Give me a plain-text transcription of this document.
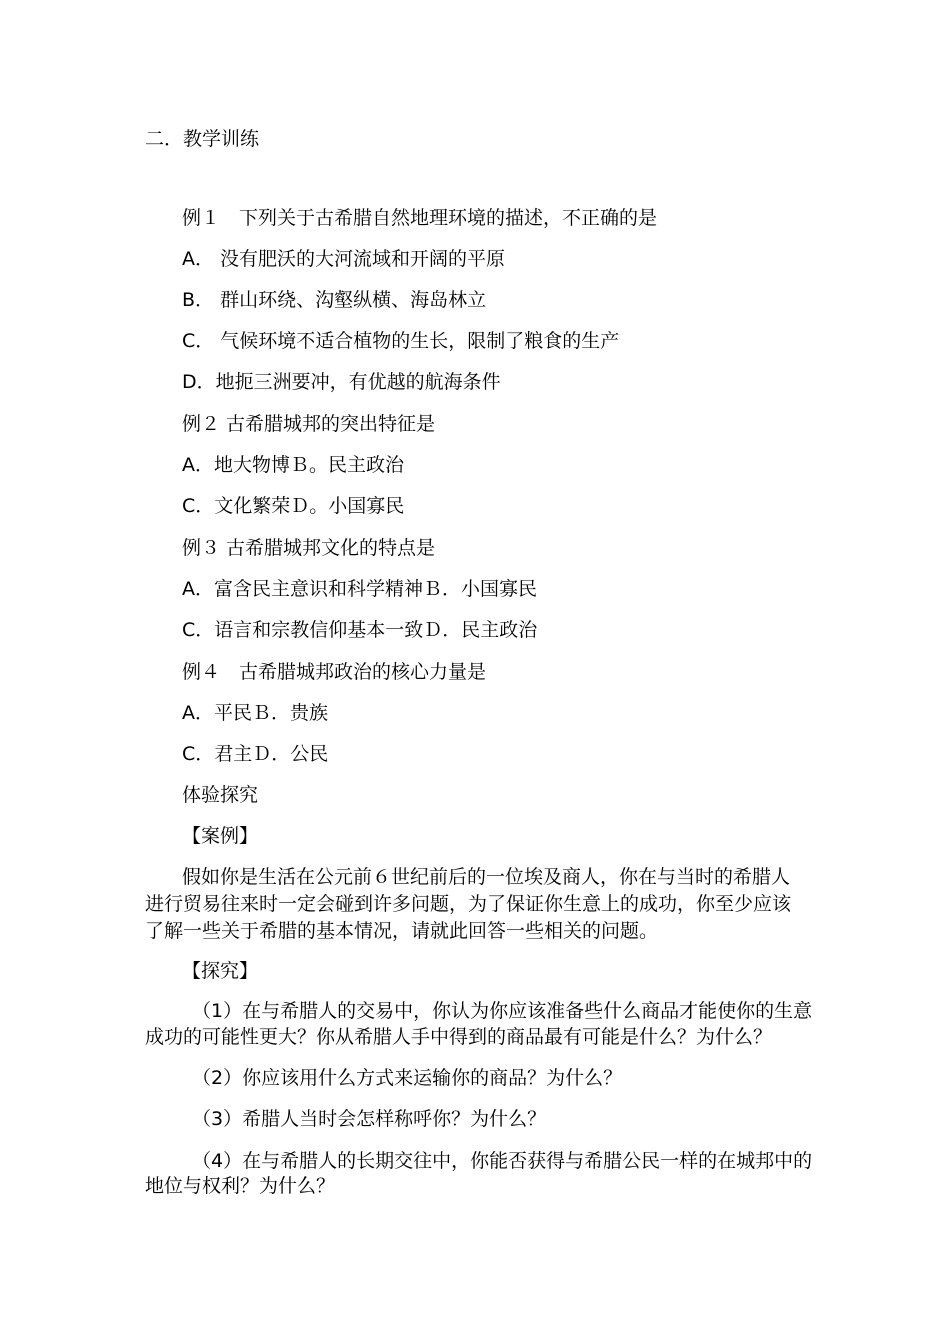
二．教学训练
例１　下列关于古希腊自然地理环境的描述，不正确的是
A． 没有肥沃的大河流域和开阔的平原
B． 群山环绕、沟壑纵横、海岛林立
C． 气候环境不适合植物的生长，限制了粮食的生产
D．地扼三洲要冲，有优越的航海条件
例２ 古希腊城邦的突出特征是
A．地大物博Ｂ。民主政治
C．文化繁荣Ｄ。小国寡民
例３ 古希腊城邦文化的特点是
A．富含民主意识和科学精神Ｂ．小国寡民
C．语言和宗教信仰基本一致Ｄ．民主政治
例４　古希腊城邦政治的核心力量是
A．平民Ｂ．贵族
C．君主Ｄ．公民
体验探究
【案例】
假如你是生活在公元前６世纪前后的一位埃及商人，你在与当时的希腊人
进行贸易往来时一定会碰到许多问题，为了保证你生意上的成功，你至少应该
了解一些关于希腊的基本情况，请就此回答一些相关的问题。
【探究】
（1）在与希腊人的交易中，你认为你应该准备些什么商品才能使你的生意
成功的可能性更大？你从希腊人手中得到的商品最有可能是什么？为什么？
（2）你应该用什么方式来运输你的商品？为什么？
（3）希腊人当时会怎样称呼你？为什么？
（4）在与希腊人的长期交往中，你能否获得与希腊公民一样的在城邦中的
地位与权利？为什么？
